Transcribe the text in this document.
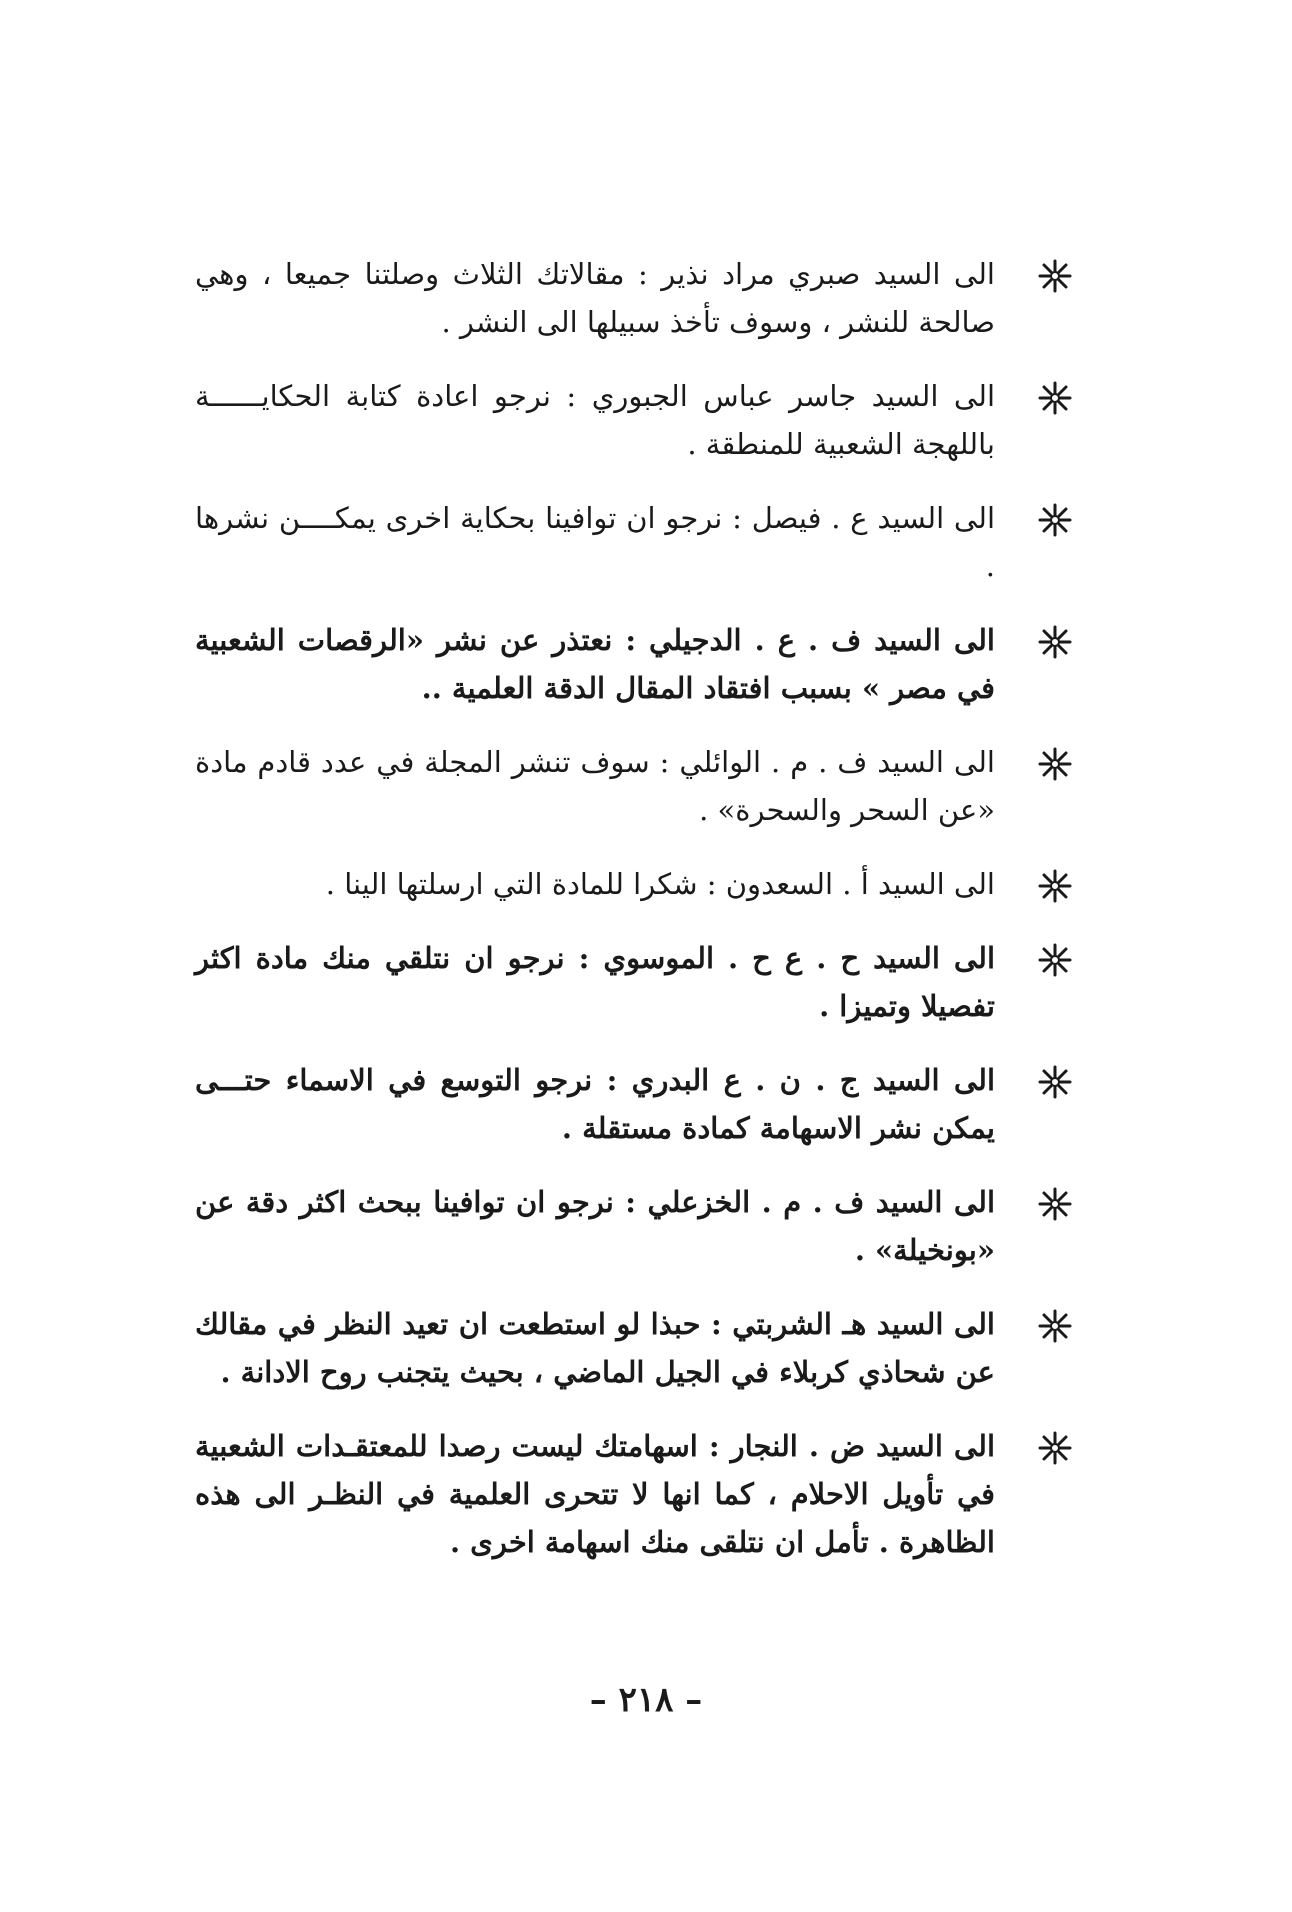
الى السيد صبري مراد نذير : مقالاتك الثلاث وصلتنا جميعا ، وهي صالحة للنشر ، وسوف تأخذ سبيلها الى النشر .
الى السيد جاسر عباس الجبوري : نرجو اعادة كتابة الحكايــــــة باللهجة الشعبية للمنطقة .
الى السيد ع . فيصل : نرجو ان توافينا بحكاية اخرى يمكــــن نشرها .
الى السيد ف . ع . الدجيلي : نعتذر عن نشر «الرقصات الشعبية في مصر » بسبب افتقاد المقال الدقة العلمية ..
الى السيد ف . م . الوائلي : سوف تنشر المجلة في عدد قادم مادة «عن السحر والسحرة» .
الى السيد أ . السعدون : شكرا للمادة التي ارسلتها الينا .
الى السيد ح . ع ح . الموسوي : نرجو ان نتلقي منك مادة اكثر تفصيلا وتميزا .
الى السيد ج . ن . ع البدري : نرجو التوسع في الاسماء حتـــى يمكن نشر الاسهامة كمادة مستقلة .
الى السيد ف . م . الخزعلي : نرجو ان توافينا ببحث اكثر دقة عن «بونخيلة» .
الى السيد هـ الشربتي : حبذا لو استطعت ان تعيد النظر في مقالك عن شحاذي كربلاء في الجيل الماضي ، بحيث يتجنب روح الادانة .
الى السيد ض . النجار : اسهامتك ليست رصدا للمعتقـدات الشعبية في تأويل الاحلام ، كما انها لا تتحرى العلمية في النظـر الى هذه الظاهرة . تأمل ان نتلقى منك اسهامة اخرى .
– ٢١٨ –
